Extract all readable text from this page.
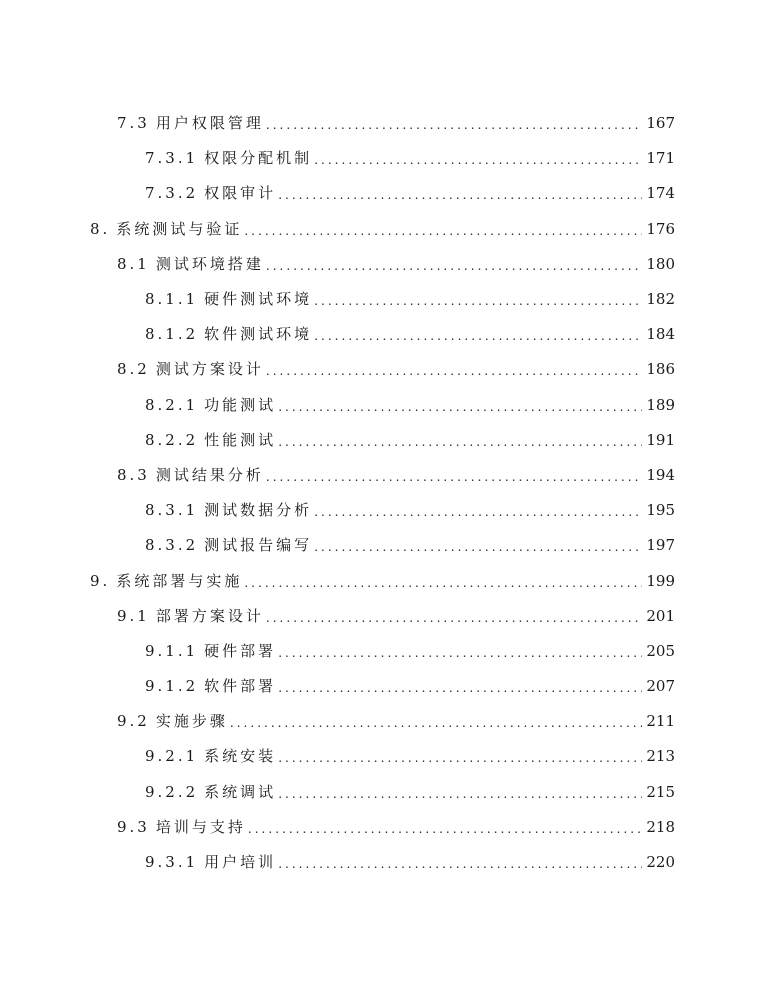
7.3 用户权限管理 . . .	167
7.3.1 权限分配机制 . . .	171
7.3.2 权限审计 . . .	174
8. 系统测试与验证 . . .	176
8.1 测试环境搭建 . . .	180
8.1.1 硬件测试环境 . . .	182
8.1.2 软件测试环境 . . .	184
8.2 测试方案设计 . . .	186
8.2.1 功能测试 . . .	189
8.2.2 性能测试 . . .	191
8.3 测试结果分析 . . .	194
8.3.1 测试数据分析 . . .	195
8.3.2 测试报告编写 . . .	197
9. 系统部署与实施 . . .	199
9.1 部署方案设计 . . .	201
9.1.1 硬件部署 . . .	205
9.1.2 软件部署 . . .	207
9.2 实施步骤 . . .	211
9.2.1 系统安装 . . .	213
9.2.2 系统调试 . . .	215
9.3 培训与支持 . . .	218
9.3.1 用户培训 . . .	220
